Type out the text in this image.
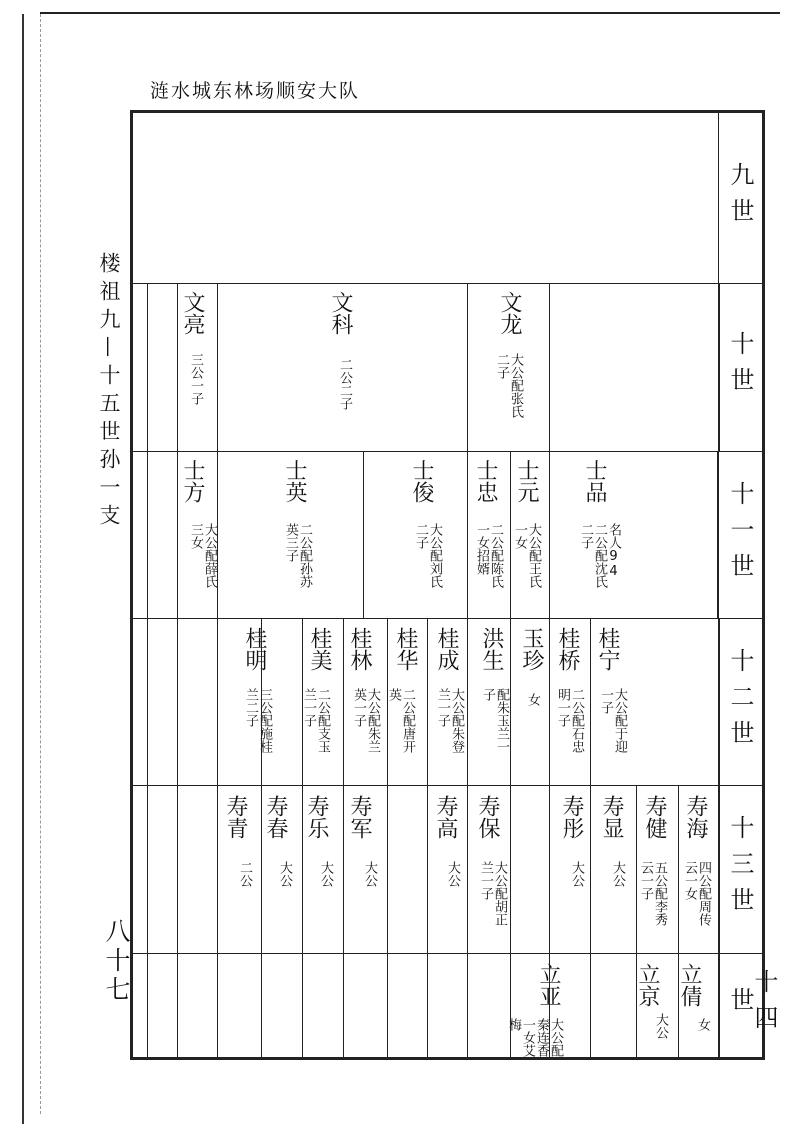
涟水城东林场顺安大队
楼祖九—十五世孙一支
八十七
九世
十世
文亮
三公一子
文科
二公二子
文龙
大公配张氏
二子
十一世
士方
大公配薛氏
三女
士英
二公配孙苏
英三子
士俊
大公配刘氏
二子
士忠
二公配陈氏
一女招婿
士元
大公配王氏
一女
士品
名人94
二公配沈氏
二子
十二世
桂明
三公配施桂
兰二子
桂美
二公配支玉
兰一子
桂林
大公配朱兰
英一子
桂华
二公配唐开
英
桂成
大公配朱登
兰一子
洪生
配朱玉兰一
子
玉珍
女
桂桥
二公配石忠
明一子
桂宁
大公配于迎
一子
十三世
寿青
二公
寿春
大公
寿乐
大公
寿军
大公
寿高
大公
寿保
大公配胡正
兰一子
寿彤
大公
寿显
大公
寿健
五公配李秀
云一子
寿海
四公配周传
云一女
十四世
立亚
大公配
秦连香
一女艾
梅
立京
大公
立倩
女
